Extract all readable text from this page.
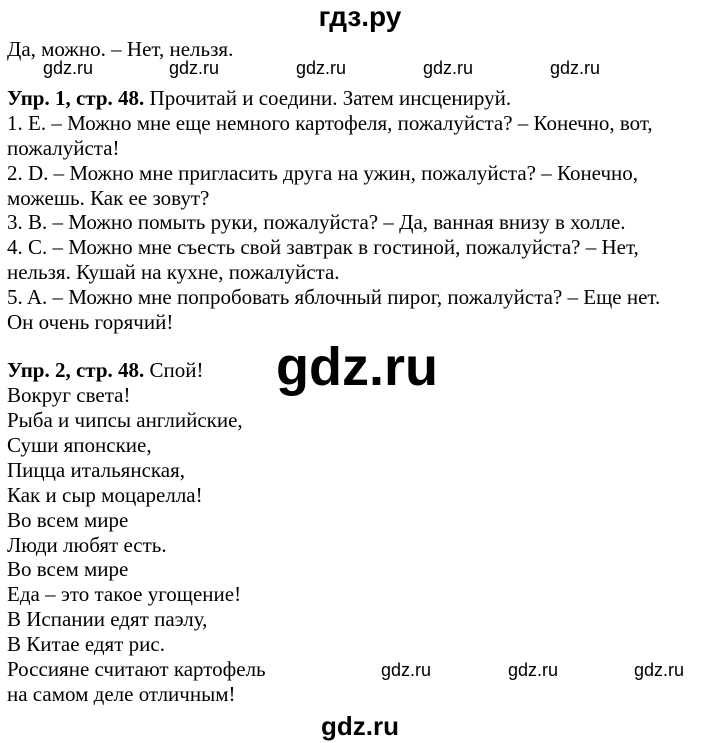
гдз.ру
Да, можно. – Нет, нельзя.
gdz.ru	gdz.ru	gdz.ru	gdz.ru	gdz.ru
Упр. 1, стр. 48. Прочитай и соедини. Затем инсценируй.
1. E. – Можно мне еще немного картофеля, пожалуйста? – Конечно, вот,
пожалуйста!
2. D. – Можно мне пригласить друга на ужин, пожалуйста? – Конечно,
можешь. Как ее зовут?
3. B. – Можно помыть руки, пожалуйста? – Да, ванная внизу в холле.
4. C. – Можно мне съесть свой завтрак в гостиной, пожалуйста? – Нет,
нельзя. Кушай на кухне, пожалуйста.
5. A. – Можно мне попробовать яблочный пирог, пожалуйста? – Еще нет.
Он очень горячий!
gdz.ru
Упр. 2, стр. 48. Спой!
Вокруг света!
Рыба и чипсы английские,
Суши японские,
Пицца итальянская,
Как и сыр моцарелла!
Во всем мире
Люди любят есть.
Во всем мире
Еда – это такое угощение!
В Испании едят паэлу,
В Китае едят рис.
Россияне считают картофель
на самом деле отличным!
gdz.ru	gdz.ru	gdz.ru
gdz.ru
